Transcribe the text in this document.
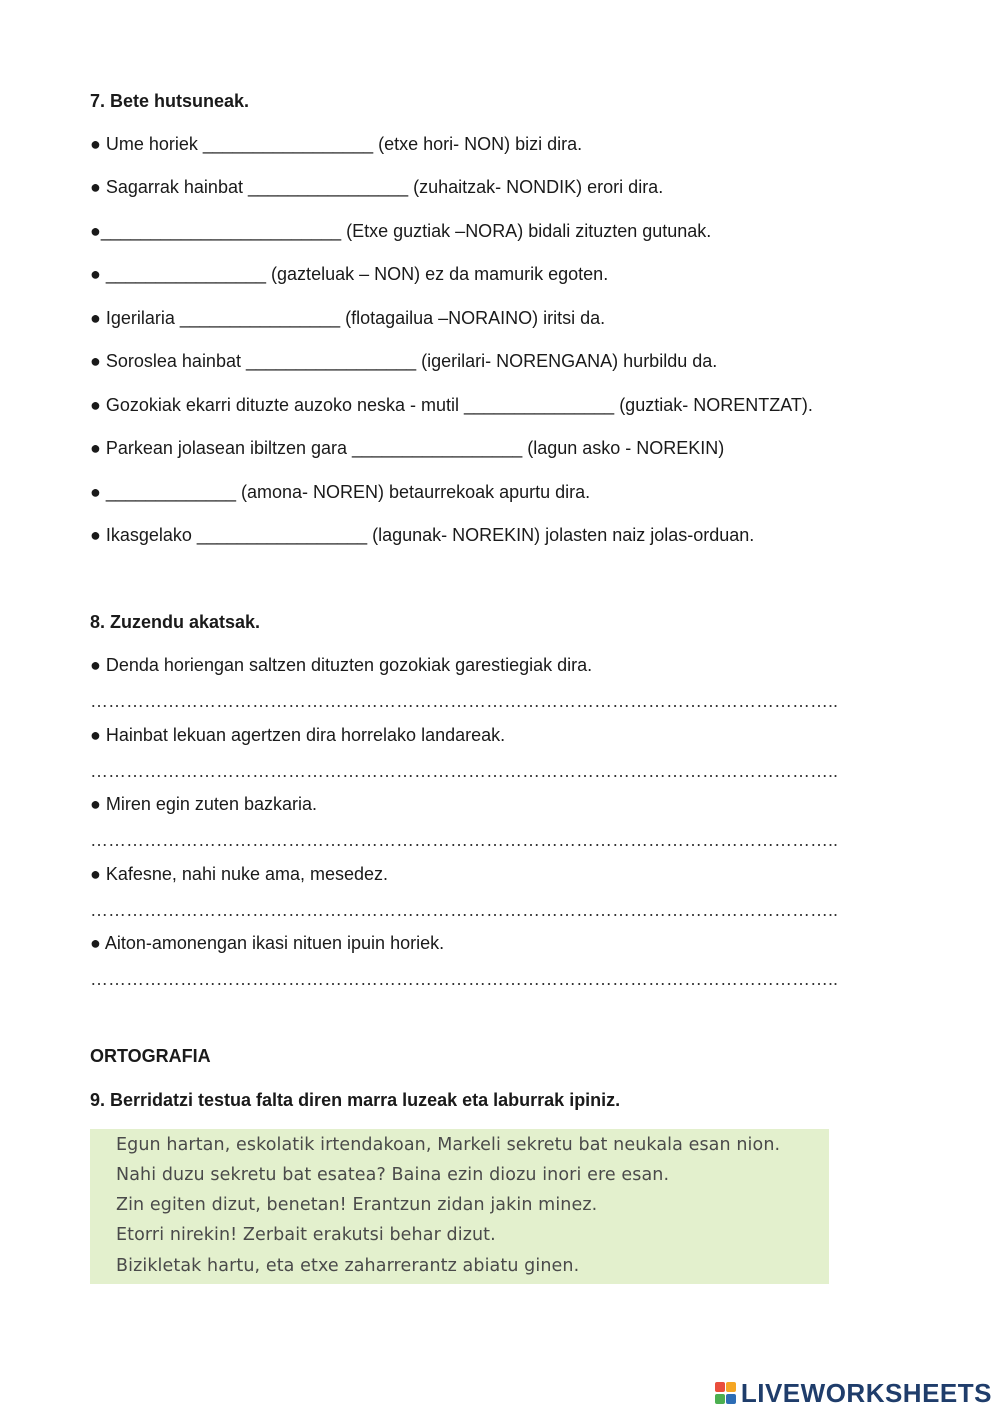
7. Bete hutsuneak.
● Ume horiek _________________ (etxe hori- NON) bizi dira.
● Sagarrak hainbat ________________ (zuhaitzak- NONDIK) erori dira.
●________________________ (Etxe guztiak –NORA) bidali zituzten gutunak.
● ________________ (gazteluak – NON) ez da mamurik egoten.
● Igerilaria ________________ (flotagailua –NORAINO) iritsi da.
● Soroslea hainbat _________________ (igerilari- NORENGANA) hurbildu da.
● Gozokiak ekarri dituzte auzoko neska - mutil _______________ (guztiak- NORENTZAT).
● Parkean jolasean ibiltzen gara _________________ (lagun asko - NOREKIN)
● _____________ (amona- NOREN) betaurrekoak apurtu dira.
● Ikasgelako _________________ (lagunak- NOREKIN) jolasten naiz jolas-orduan.
8. Zuzendu akatsak.
● Denda horiengan saltzen dituzten gozokiak garestiegiak dira.
……………………………………………………………………………………………………………..
● Hainbat lekuan agertzen dira horrelako landareak.
……………………………………………………………………………………………………………..
● Miren egin zuten bazkaria.
……………………………………………………………………………………………………………..
● Kafesne, nahi nuke ama, mesedez.
……………………………………………………………………………………………………………..
● Aiton-amonengan ikasi nituen ipuin horiek.
……………………………………………………………………………………………………………..
ORTOGRAFIA
9. Berridatzi testua falta diren marra luzeak eta laburrak ipiniz.
Egun hartan, eskolatik irtendakoan, Markeli sekretu bat neukala esan nion.
Nahi duzu sekretu bat esatea? Baina ezin diozu inori ere esan.
Zin egiten dizut, benetan! Erantzun zidan jakin minez.
Etorri nirekin! Zerbait erakutsi behar dizut.
Bizikletak hartu, eta etxe zaharrerantz abiatu ginen.
LIVEWORKSHEETS
